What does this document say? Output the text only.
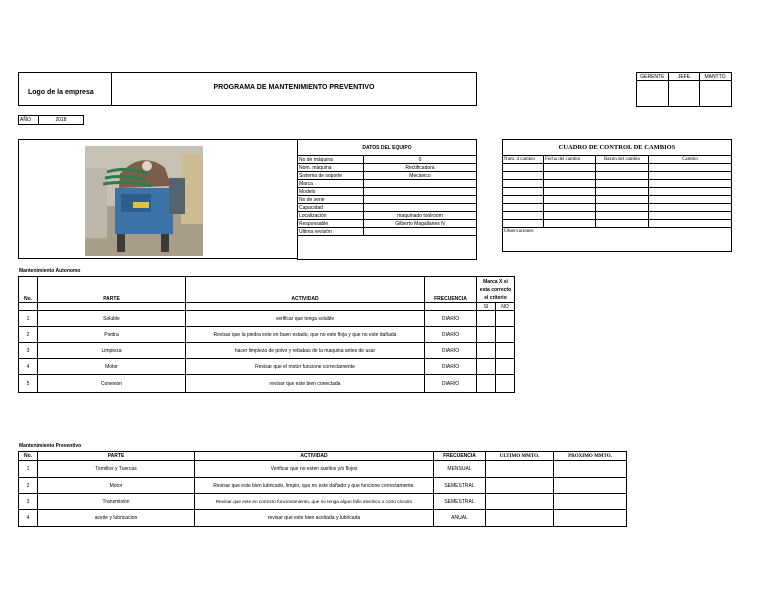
Logo de la empresa
PROGRAMA DE MANTENIMIENTO PREVENTIVO
GERENTE	JEFE	MANTTO.

AÑO	2018
DATOS DEL EQUIPO	
No de máquina	0
Nom. máquina	Rectificadora
Sistema de soporte	Mecánico
Marca	
Modelo	
No de serie	
Capacidad	
Localización	maquinado toolroom
Responsable	Gilberto Magallanes N
Última revisión	

CUADRO DE CONTROL DE CAMBIOS			
Num. d cambio	Fecha del cambio	Razón del cambio	Cambio

Observaciones			
Mantenimiento Autonomo
No.	PARTE	ACTIVIDAD	FRECUENCIA	Marca X si esta correcto el criterio	
				SI	NO
1	Soluble	verificar que tenga soluble	DIARIO		
2	Piedra	Revisar que la piedra este en buen estado, que no este floja y que no este dañada	DIARIO		
3	Limpieza	hacer limpieza de polvo y rebabas de la maquina antes de usar	DIARIO		
4	Motor	Revisar que el motor funcione correctamente	DIARIO		
5	Conexion	revisar que este bien conectada	DIARIO		
Mantenimiento Preventivo
No.	PARTE	ACTIVIDAD	FRECUENCIA	ULTIMO MMTO.	PROXIMO MMTO.
1	Tornillos y Tuercas	Verificar que no esten sueltos y/o flojos	MENSUAL		
2	Motor	Revisar que este bien lubricado, limpio, que no este dañado y que funcione correctamente.	SEMESTRAL		
3	Transmisión	Revisar que este en correcto funcionamiento, que no tenga algun fallo electrico o corto circuito	SEMESTRAL		
4	aceite y lubricacion	revisar que este bien aceitada y lubricada	ANUAL		
